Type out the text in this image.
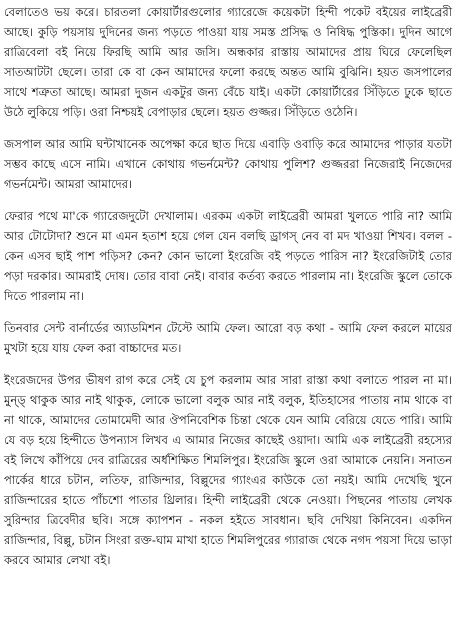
বেলাতেও ভয় করে। চারতলা কোয়ার্টারগুলোর গ্যারেজে কয়েকটা হিন্দী পকেট বইয়ের লাইব্রেরী আছে। কুড়ি পয়সায় দুদিনের জন্য পড়তে পাওয়া যায় সমস্ত প্রসিদ্ধ ও নিষিদ্ধ পুস্তিকা। দুদিন আগে রাত্রিবেলা বই নিয়ে ফিরছি আমি আর জসি। অন্ধকার রাস্তায় আমাদের প্রায় ঘিরে ফেলেছিল সাতআটটা ছেলে। তারা কে বা কেন আমাদের ফলো করছে অন্তত আমি বুঝিনি। হয়ত জসপালের সাথে শত্রুতা আছে। আমরা দুজন একটুর জন্য বেঁচে যাই। একটা কোয়ার্টারের সিঁড়িতে ঢুকে ছাতে উঠে লুকিয়ে পড়ি। ওরা নিশ্চয়ই বেপাড়ার ছেলে। হয়ত গুজ্জর। সিঁড়িতে ওঠেনি।

জসপাল আর আমি ঘন্টাখানেক অপেক্ষা করে ছাত দিয়ে এবাড়ি ওবাড়ি করে আমাদের পাড়ার যতটা সম্ভব কাছে এসে নামি। এখানে কোথায় গভর্নমেন্ট? কোথায় পুলিশ? গুজ্জররা নিজেরাই নিজেদের গভর্নমেন্ট। আমরা আমাদের।

ফেরার পথে মা'কে গ্যারেজদুটো দেখালাম। এরকম একটা লাইব্রেরী আমরা খুলতে পারি না? আমি আর টোটোদা? শুনে মা এমন হতাশ হয়ে গেল যেন বলছি ড্রাগস্‌ নেব বা মদ খাওয়া শিখব। বলল - কেন এসব ছাই পাশ পড়িস? কেন? কোন ভালো ইংরেজি বই পড়তে পারিস না? ইংরেজিটাই তোর পড়া দরকার। আমরাই দোষ। তোর বাবা নেই। বাবার কর্তব্য করতে পারলাম না। ইংরেজি স্কুলে তোকে দিতে পারলাম না।

তিনবার সেন্ট বার্নার্ডের অ্যাডমিশন টেস্টে আমি ফেল। আরো বড় কথা - আমি ফেল করলে মায়ের মুখটা হয়ে যায় ফেল করা বাচ্চাদের মত।

ইংরেজদের উপর ভীষণ রাগ করে সেই যে চুপ করলাম আর সারা রাস্তা কথা বলাতে পারল না মা। মুন্ড্ থাকুক আর নাই থাকুক, লোকে ভালো বলুক আর নাই বলুক, ইতিহাসের পাতায় নাম থাকে বা না থাকে, আমাদের তোমামেদী আর ঔপনিবেশিক চিন্তা থেকে যেন আমি বেরিয়ে যেতে পারি। আমি যে বড় হয়ে হিন্দীতে উপন্যাস লিখব এ আমার নিজের কাছেই ওয়াদা। আমি এক লাইব্রেরী রহস্যের বই লিখে কাঁপিয়ে দেব রাত্রিরের অর্ধশিক্ষিত শিমলিপুর। ইংরেজি স্কুলে ওরা আমাকে নেয়নি। সনাতন পার্কের ধারে চটান, লতিফ, রাজিন্দার, বিল্লুদের গ্যাংএর কাউকে তো নয়ই। আমি দেখেছি খুনে রাজিন্দারের হাতে পাঁচশো পাতার থ্রিলার। হিন্দী লাইব্রেরী থেকে নেওয়া। পিছনের পাতায় লেখক সুরিন্দার ত্রিবেদীর ছবি। সঙ্গে ক্যাপশন - নকল হইতে সাবধান। ছবি দেখিয়া কিনিবেন। একদিন রাজিন্দার, বিল্লু, চটান সিংরা রক্ত-ঘাম মাখা হাতে শিমলিপুরের গ্যারাজ থেকে নগদ পয়সা দিয়ে ভাড়া করবে আমার লেখা বই।
